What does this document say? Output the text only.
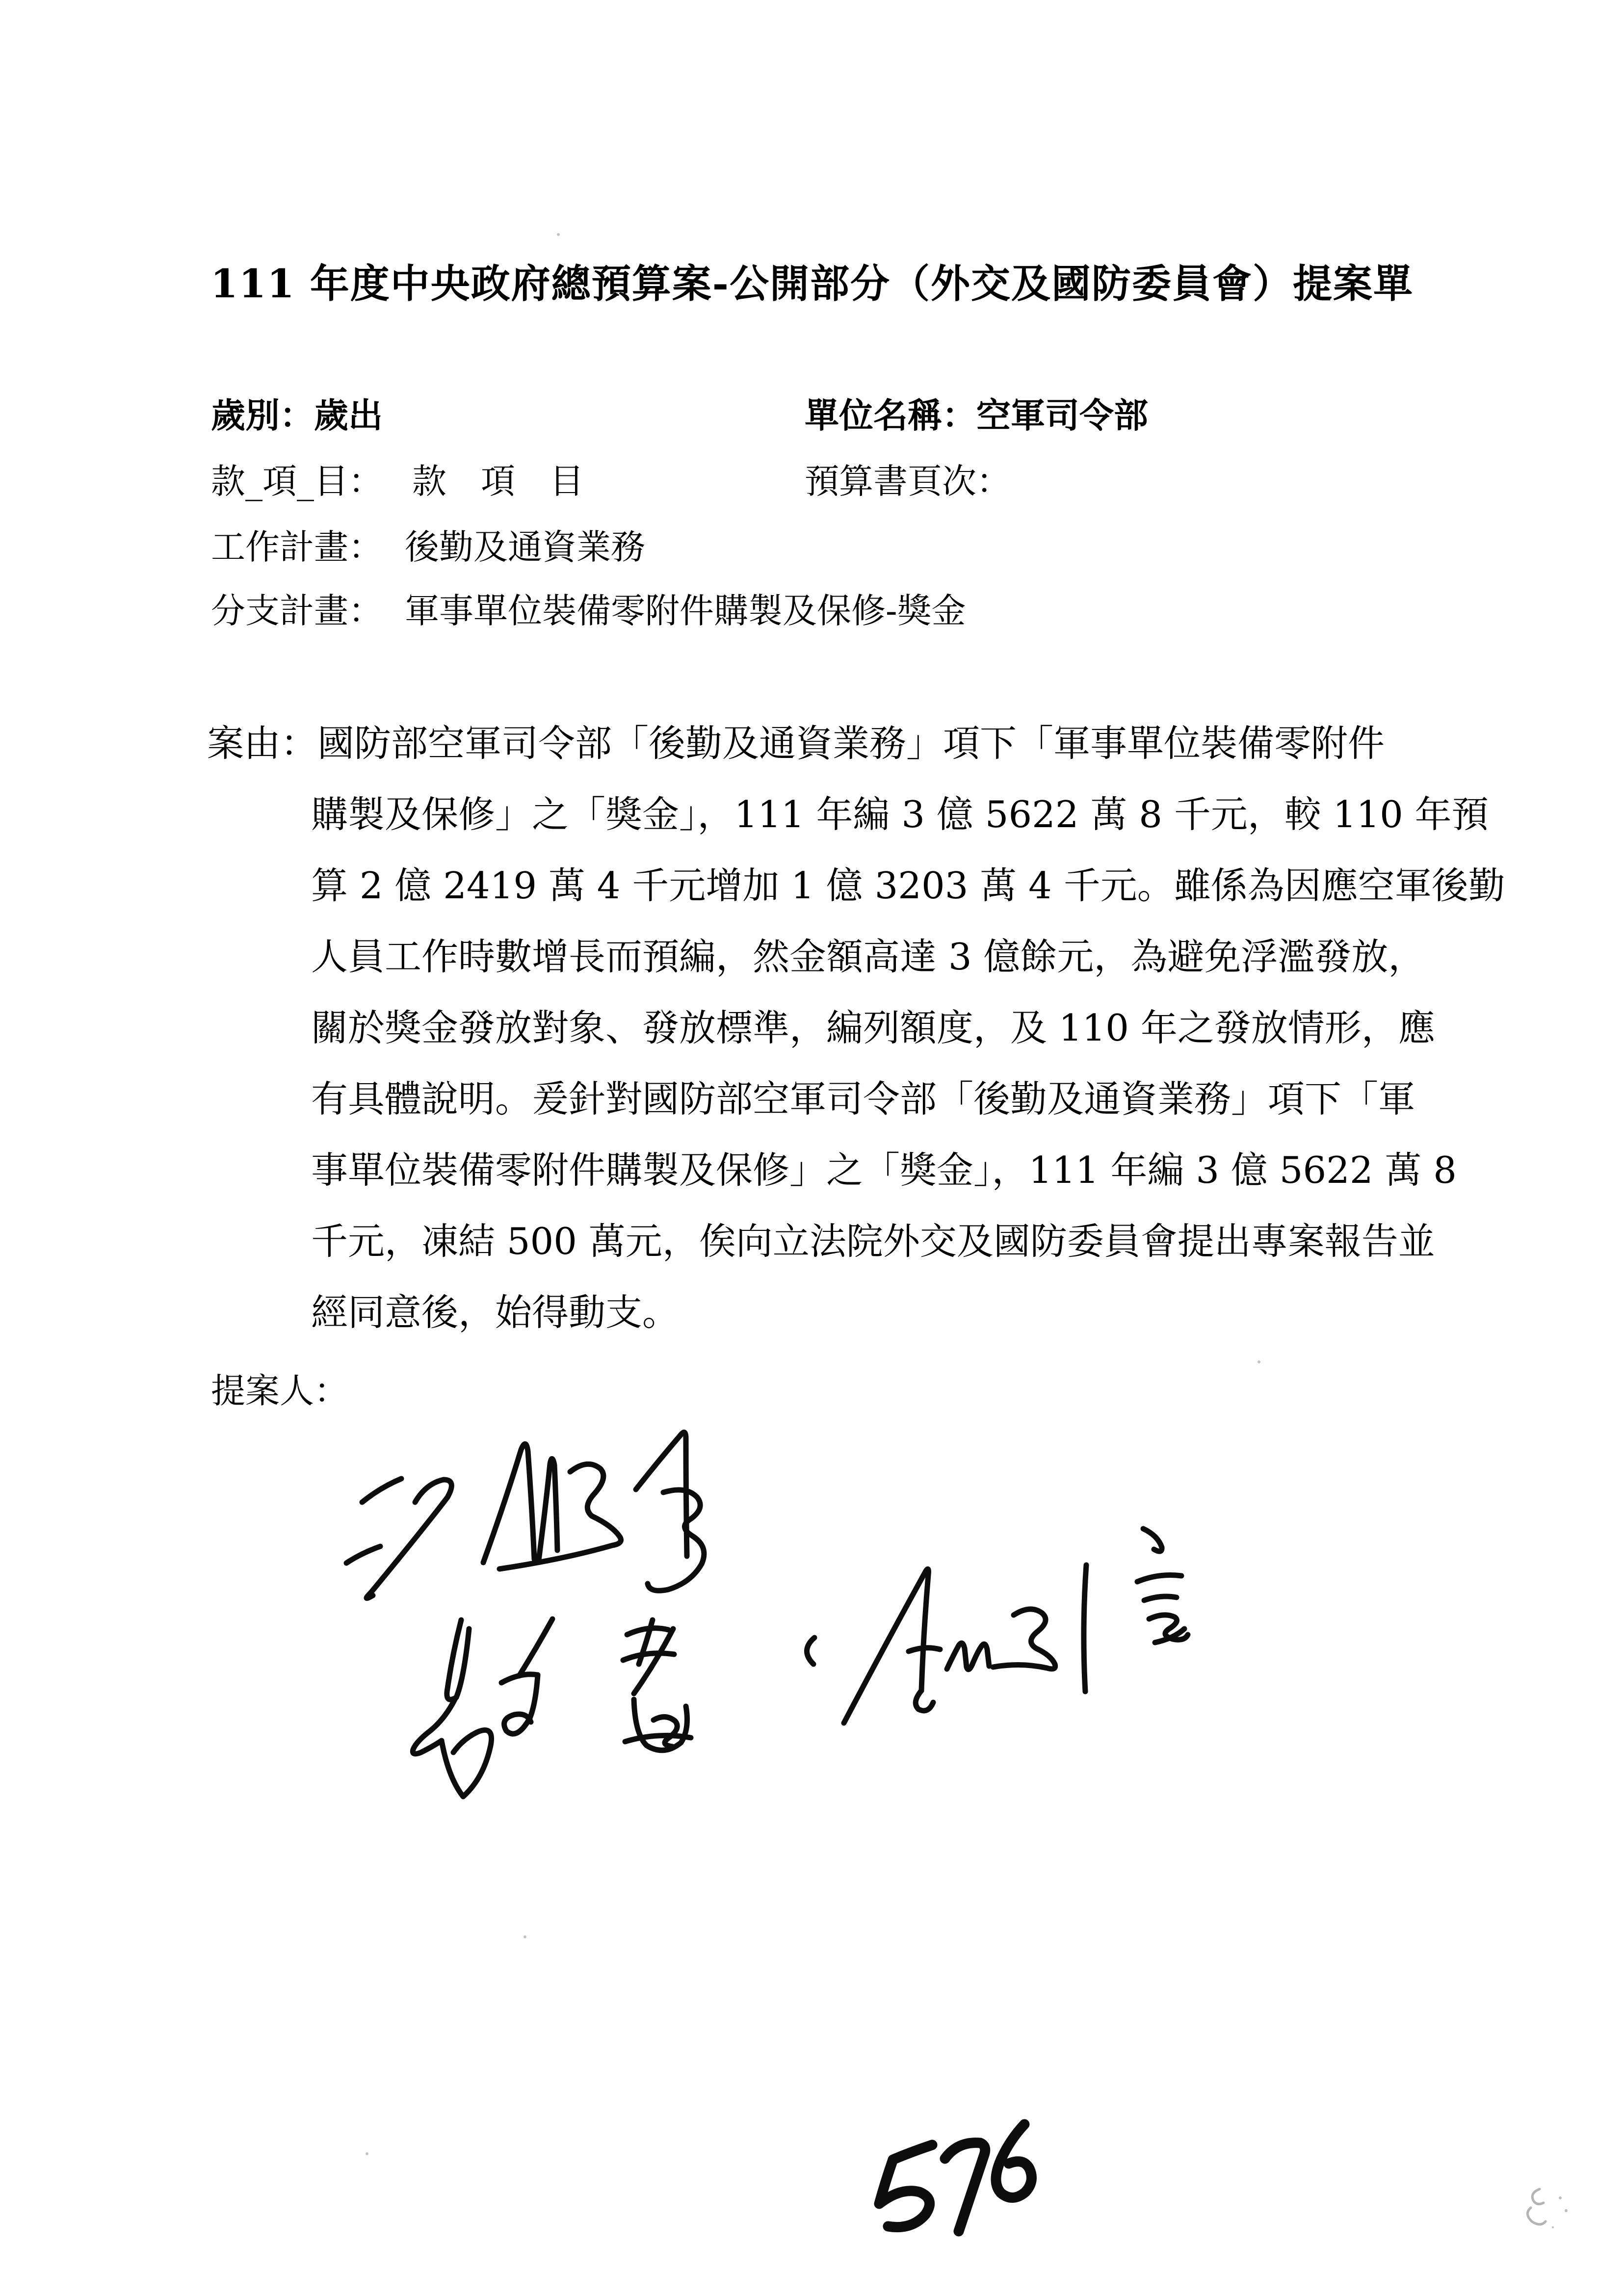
111 年度中央政府總預算案-公開部分（外交及國防委員會）提案單
歲別：歲出	單位名稱：空軍司令部
款_項_目： 款　項　目	預算書頁次：
工作計畫： 後勤及通資業務
分支計畫： 軍事單位裝備零附件購製及保修-獎金
案由：國防部空軍司令部「後勤及通資業務」項下「軍事單位裝備零附件
購製及保修」之「獎金」，111 年編 3 億 5622 萬 8 千元，較 110 年預
算 2 億 2419 萬 4 千元增加 1 億 3203 萬 4 千元。雖係為因應空軍後勤
人員工作時數增長而預編，然金額高達 3 億餘元，為避免浮濫發放，
關於獎金發放對象、發放標準，編列額度，及 110 年之發放情形，應
有具體說明。爰針對國防部空軍司令部「後勤及通資業務」項下「軍
事單位裝備零附件購製及保修」之「獎金」，111 年編 3 億 5622 萬 8
千元，凍結 500 萬元，俟向立法院外交及國防委員會提出專案報告並
經同意後，始得動支。
提案人：
